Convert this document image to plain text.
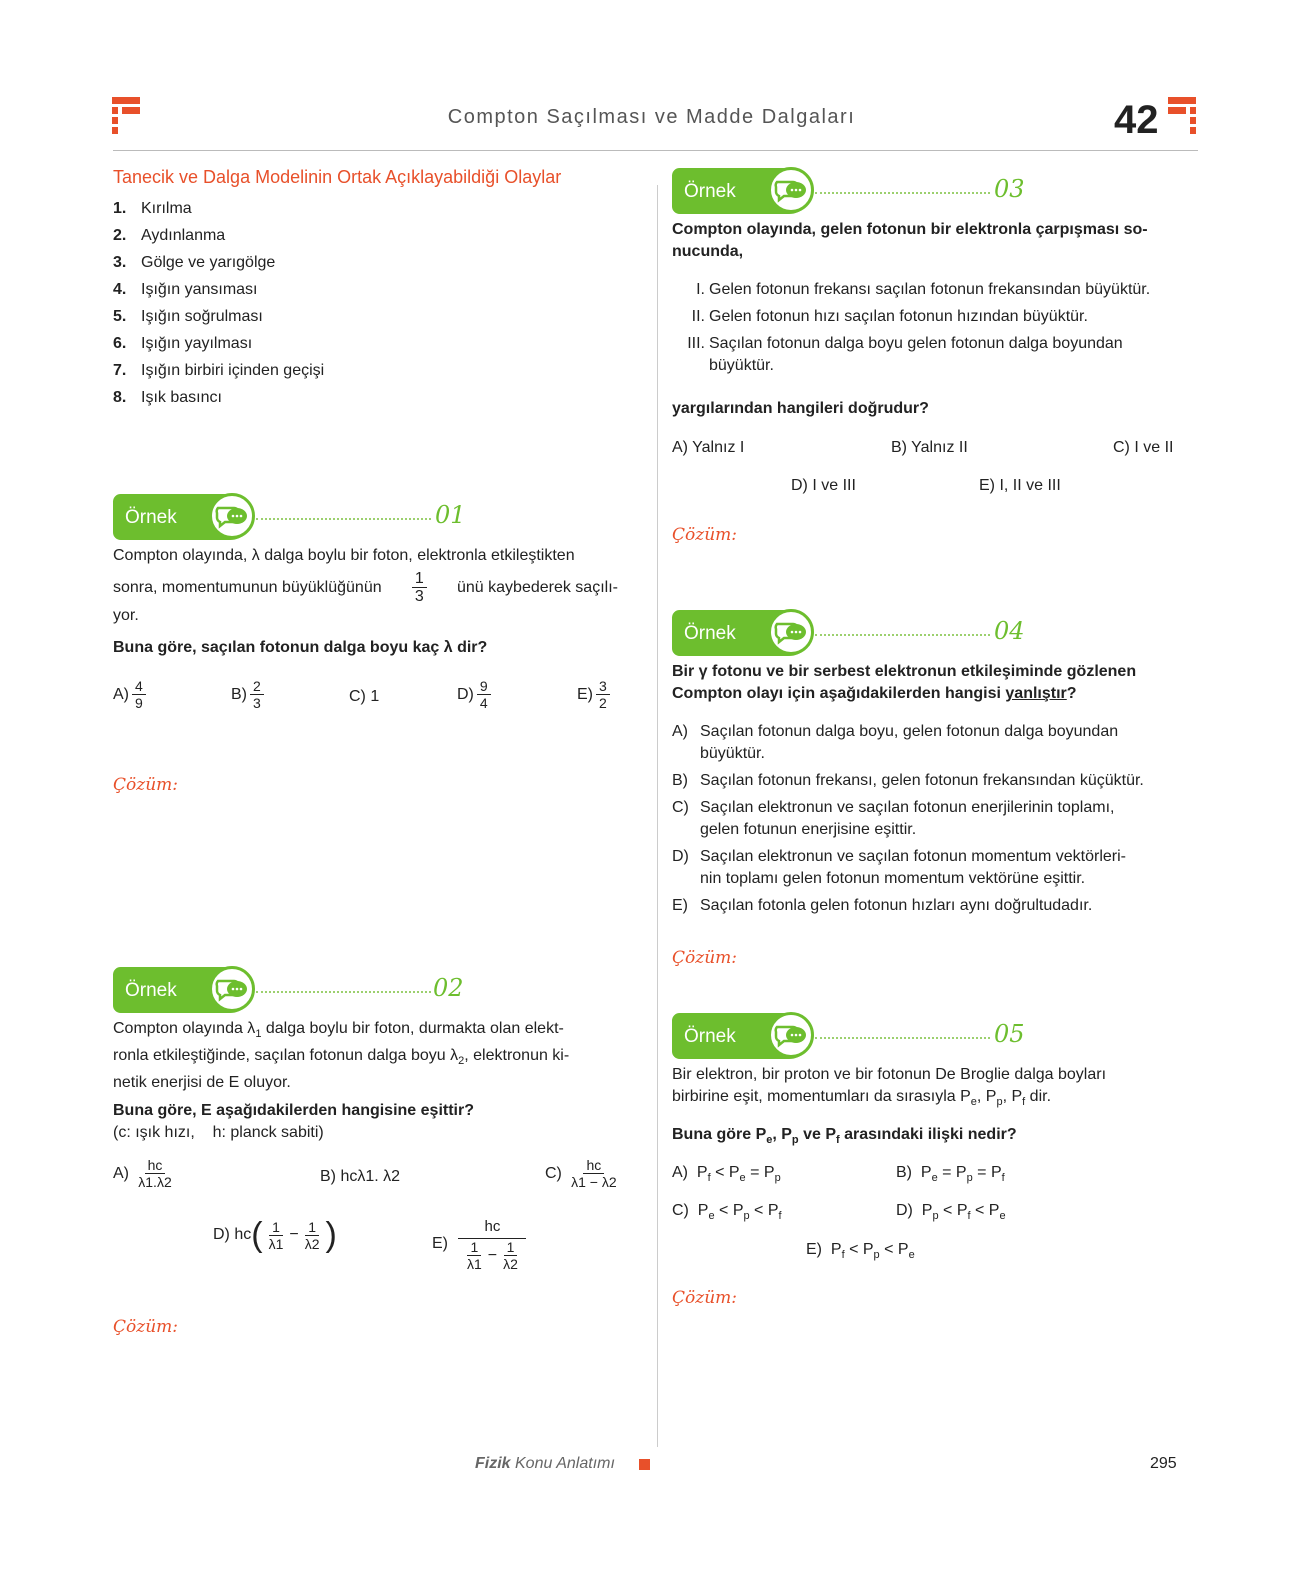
Compton Saçılması ve Madde Dalgaları	42
Tanecik ve Dalga Modelinin Ortak Açıklayabildiği Olaylar
1. Kırılma
2. Aydınlanma
3. Gölge ve yarıgölge
4. Işığın yansıması
5. Işığın soğrulması
6. Işığın yayılması
7. Işığın birbiri içinden geçişi
8. Işık basıncı
Örnek	01
Compton olayında, λ dalga boylu bir foton, elektronla etkileştikten
sonra, momentumunun büyüklüğünün $\frac{1}{3}$ ünü kaybederek saçılı-
yor.
Buna göre, saçılan fotonun dalga boyu kaç λ dir?
$A) \frac{4}{9}$	$B) \frac{2}{3}$	C) 1	$D) \frac{9}{4}$	$E) \frac{3}{2}$
Çözüm:
Örnek	02
Compton olayında $\lambda_1$ dalga boylu bir foton, durmakta olan elekt-
ronla etkileştiğinde, saçılan fotonun dalga boyu $\lambda_2$, elektronun ki-
netik enerjisi de E oluyor.
Buna göre, E aşağıdakilerden hangisine eşittir?
(c: ışık hızı,    h: planck sabiti)
$A) \frac{hc}{\lambda 1.\lambda 2}$	B) hcλ1. λ2	$C) \frac{hc}{\lambda 1 - \lambda 2}$
D)
hc ( $\frac{1}{\lambda 1} - \frac{1}{\lambda 2}$ )	E)

hc
$\frac{1}{\lambda 1} - \frac{1}{\lambda 2}$
Çözüm:
Örnek	03
Compton olayında, gelen fotonun bir elektronla çarpışması so-
nucunda,
I. Gelen fotonun frekansı saçılan fotonun frekansından büyüktür.
II. Gelen fotonun hızı saçılan fotonun hızından büyüktür.
III. Saçılan fotonun dalga boyu gelen fotonun dalga boyundan
büyüktür.
yargılarından hangileri doğrudur?
A) Yalnız I	B) Yalnız II	C) I ve II
D) I ve III	E) I, II ve III
Çözüm:
Örnek	04
Bir γ fotonu ve bir serbest elektronun etkileşiminde gözlenen
Compton olayı için aşağıdakilerden hangisi yanlıştır?
A) Saçılan fotonun dalga boyu, gelen fotonun dalga boyundan
büyüktür.
B) Saçılan fotonun frekansı, gelen fotonun frekansından küçüktür.
C) Saçılan elektronun ve saçılan fotonun enerjilerinin toplamı,
gelen fotunun enerjisine eşittir.
D) Saçılan elektronun ve saçılan fotonun momentum vektörleri-
nin toplamı gelen fotonun momentum vektörüne eşittir.
E) Saçılan fotonla gelen fotonun hızları aynı doğrultudadır.
Çözüm:
Örnek	05
Bir elektron, bir proton ve bir fotonun De Broglie dalga boyları
birbirine eşit, momentumları da sırasıyla $P_e$, $P_p$, $P_f$ dir.
Buna göre $P_e$, $P_p$ ve $P_f$ arasındaki ilişki nedir?
A)  $P_f < P_e = P_p$	B)  $P_e = P_p = P_f$
C)  $P_e < P_p < P_f$	D)  $P_p < P_f < P_e$
E)  $P_f < P_p < P_e$
Çözüm:
Fizik Konu Anlatımı	295
